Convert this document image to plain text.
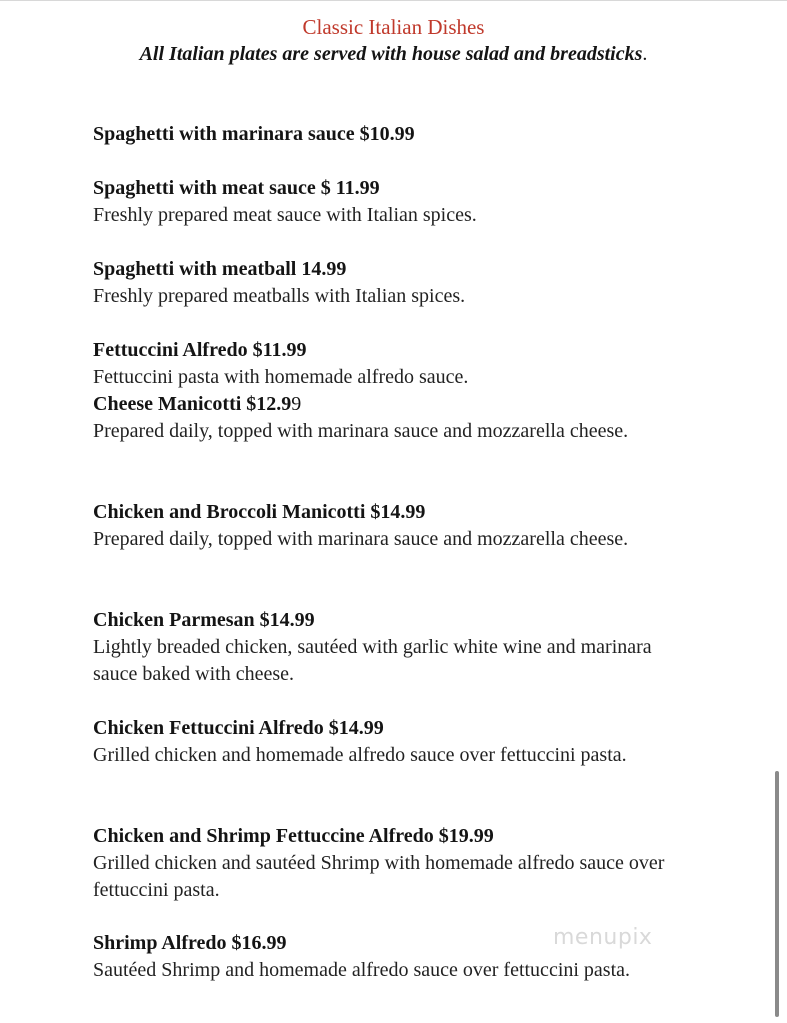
Classic Italian Dishes
All Italian plates are served with house salad and breadsticks.
Spaghetti with marinara sauce $10.99
Spaghetti with meat sauce $ 11.99
Freshly prepared meat sauce with Italian spices.
Spaghetti with meatball 14.99
Freshly prepared meatballs with Italian spices.
Fettuccini Alfredo $11.99
Fettuccini pasta with homemade alfredo sauce.
Cheese Manicotti $12.99
Prepared daily, topped with marinara sauce and mozzarella cheese.
Chicken and Broccoli Manicotti $14.99
Prepared daily, topped with marinara sauce and mozzarella cheese.
Chicken Parmesan $14.99
Lightly breaded chicken, sautéed with garlic white wine and marinara sauce baked with cheese.
Chicken Fettuccini Alfredo $14.99
Grilled chicken and homemade alfredo sauce over fettuccini pasta.
Chicken and Shrimp Fettuccine Alfredo $19.99
Grilled chicken and sautéed Shrimp with homemade alfredo sauce over fettuccini pasta.
Shrimp Alfredo $16.99
Sautéed Shrimp and homemade alfredo sauce over fettuccini pasta.
menupix
